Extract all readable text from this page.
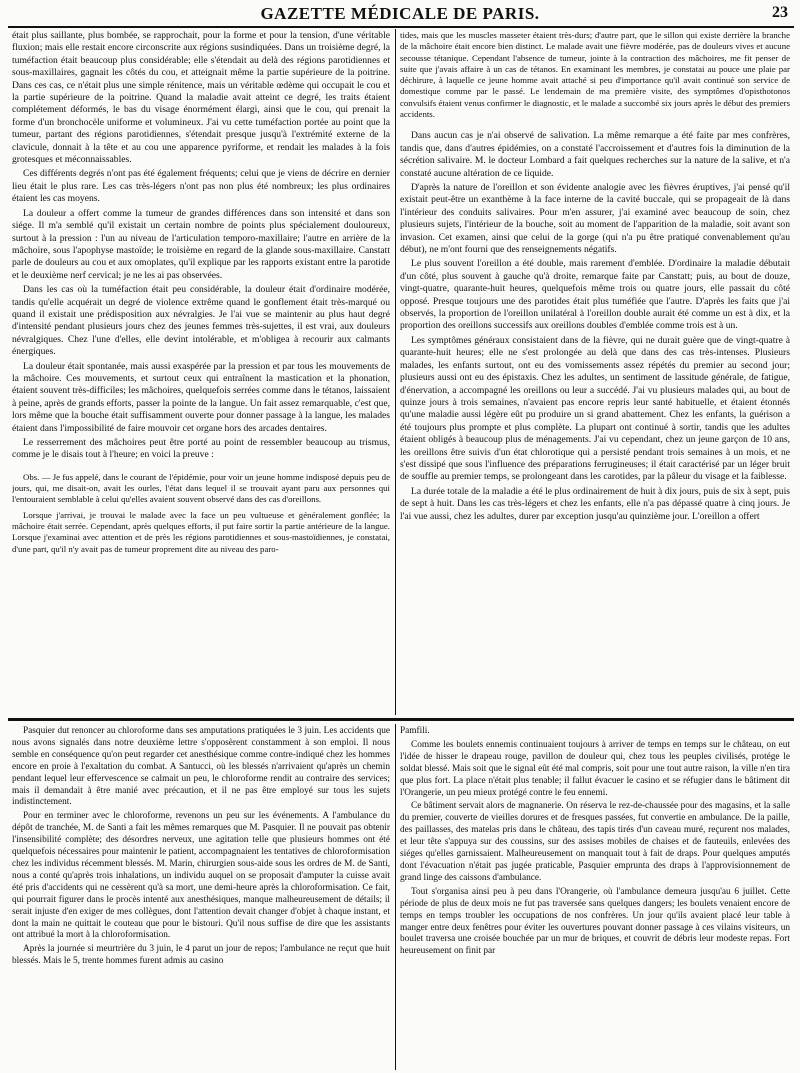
GAZETTE MÉDICALE DE PARIS.	23

était plus saillante, plus bombée, se rapprochait, pour la forme et pour la tension, d'une véritable fluxion; mais elle restait encore circonscrite aux régions susindiquées. Dans un troisième degré, la tuméfaction était beaucoup plus considérable; elle s'étendait au delà des régions parotidiennes et sous-maxillaires, gagnait les côtés du cou, et atteignait même la partie supérieure de la poitrine. Dans ces cas, ce n'était plus une simple rénitence, mais un véritable œdème qui occupait le cou et la partie supérieure de la poitrine. Quand la maladie avait atteint ce degré, les traits étaient complétement déformés, le bas du visage énormément élargi, ainsi que le cou, qui prenait la forme d'un bronchocèle uniforme et volumineux. J'ai vu cette tuméfaction portée au point que la tumeur, partant des régions parotidiennes, s'étendait presque jusqu'à l'extrémité externe de la clavicule, donnait à la tête et au cou une apparence pyriforme, et rendait les malades à la fois grotesques et méconnaissables.

Ces différents degrés n'ont pas été également fréquents; celui que je viens de décrire en dernier lieu était le plus rare. Les cas très-légers n'ont pas non plus été nombreux; les plus ordinaires étaient les cas moyens.

La douleur a offert comme la tumeur de grandes différences dans son intensité et dans son siége. Il m'a semblé qu'il existait un certain nombre de points plus spécialement douloureux, surtout à la pression : l'un au niveau de l'articulation temporo-maxillaire; l'autre en arrière de la mâchoire, sous l'apophyse mastoïde; le troisième en regard de la glande sous-maxillaire. Canstatt parle de douleurs au cou et aux omoplates, qu'il explique par les rapports existant entre la parotide et le deuxième nerf cervical; je ne les ai pas observées.

Dans les cas où la tuméfaction était peu considérable, la douleur était d'ordinaire modérée, tandis qu'elle acquérait un degré de violence extrême quand le gonflement était très-marqué ou quand il existait une prédisposition aux névralgies. Je l'ai vue se maintenir au plus haut degré d'intensité pendant plusieurs jours chez des jeunes femmes très-sujettes, il est vrai, aux douleurs névralgiques. Chez l'une d'elles, elle devint intolérable, et m'obligea à recourir aux calmants énergiques.

La douleur était spontanée, mais aussi exaspérée par la pression et par tous les mouvements de la mâchoire. Ces mouvements, et surtout ceux qui entraînent la mastication et la phonation, étaient souvent très-difficiles; les mâchoires, quelquefois serrées comme dans le tétanos, laissaient à peine, après de grands efforts, passer la pointe de la langue. Un fait assez remarquable, c'est que, lors même que la bouche était suffisamment ouverte pour donner passage à la langue, les malades étaient dans l'impossibilité de faire mouvoir cet organe hors des arcades dentaires.

Le resserrement des mâchoires peut être porté au point de ressembler beaucoup au trismus, comme je le disais tout à l'heure; en voici la preuve :

Obs. — Je fus appelé, dans le courant de l'épidémie, pour voir un jeune homme indisposé depuis peu de jours, qui, me disait-on, avait les ourles, l'état dans lequel il se trouvait ayant paru aux personnes qui l'entouraient semblable à celui qu'elles avaient souvent observé dans des cas d'oreillons.

Lorsque j'arrivai, je trouvai le malade avec la face un peu vultueuse et généralement gonflée; la mâchoire était serrée. Cependant, après quelques efforts, il put faire sortir la partie antérieure de la langue. Lorsque j'examinai avec attention et de près les régions parotidiennes et sous-mastoïdiennes, je constatai, d'une part, qu'il n'y avait pas de tumeur proprement dite au niveau des paro-

tides, mais que les muscles masseter étaient très-durs; d'autre part, que le sillon qui existe derrière la branche de la mâchoire était encore bien distinct. Le malade avait une fièvre modérée, pas de douleurs vives et aucune secousse tétanique. Cependant l'absence de tumeur, jointe à la contraction des mâchoires, me fit penser de suite que j'avais affaire à un cas de tétanos. En examinant les membres, je constatai au pouce une plaie par déchirure, à laquelle ce jeune homme avait attaché si peu d'importance qu'il avait continué son service de domestique comme par le passé. Le lendemain de ma première visite, des symptômes d'opisthotonos convulsifs étaient venus confirmer le diagnostic, et le malade a succombé six jours après le début des premiers accidents.

Dans aucun cas je n'ai observé de salivation. La même remarque a été faite par mes confrères, tandis que, dans d'autres épidémies, on a constaté l'accroissement et d'autres fois la diminution de la sécrétion salivaire. M. le docteur Lombard a fait quelques recherches sur la nature de la salive, et n'a constaté aucune altération de ce liquide.

D'après la nature de l'oreillon et son évidente analogie avec les fièvres éruptives, j'ai pensé qu'il existait peut-être un exanthème à la face interne de la cavité buccale, qui se propageait de là dans l'intérieur des conduits salivaires. Pour m'en assurer, j'ai examiné avec beaucoup de soin, chez plusieurs sujets, l'intérieur de la bouche, soit au moment de l'apparition de la maladie, soit avant son invasion. Cet examen, ainsi que celui de la gorge (qui n'a pu être pratiqué convenablement qu'au début), ne m'ont fourni que des renseignements négatifs.

Le plus souvent l'oreillon a été double, mais rarement d'emblée. D'ordinaire la maladie débutait d'un côté, plus souvent à gauche qu'à droite, remarque faite par Canstatt; puis, au bout de douze, vingt-quatre, quarante-huit heures, quelquefois même trois ou quatre jours, elle passait du côté opposé. Presque toujours une des parotides était plus tuméfiée que l'autre. D'après les faits que j'ai observés, la proportion de l'oreillon unilatéral à l'oreillon double aurait été comme un est à dix, et la proportion des oreillons successifs aux oreillons doubles d'emblée comme trois est à un.

Les symptômes généraux consistaient dans de la fièvre, qui ne durait guère que de vingt-quatre à quarante-huit heures; elle ne s'est prolongée au delà que dans des cas très-intenses. Plusieurs malades, les enfants surtout, ont eu des vomissements assez répétés du premier au second jour; plusieurs aussi ont eu des épistaxis. Chez les adultes, un sentiment de lassitude générale, de fatigue, d'énervation, a accompagné les oreillons ou leur a succédé. J'ai vu plusieurs malades qui, au bout de quinze jours à trois semaines, n'avaient pas encore repris leur santé habituelle, et étaient étonnés qu'une maladie aussi légère eût pu produire un si grand abattement. Chez les enfants, la guérison a été toujours plus prompte et plus complète. La plupart ont continué à sortir, tandis que les adultes étaient obligés à beaucoup plus de ménagements. J'ai vu cependant, chez un jeune garçon de 10 ans, les oreillons être suivis d'un état chlorotique qui a persisté pendant trois semaines à un mois, et ne s'est dissipé que sous l'influence des préparations ferrugineuses; il était caractérisé par un léger bruit de souffle au premier temps, se prolongeant dans les carotides, par la pâleur du visage et la faiblesse.

La durée totale de la maladie a été le plus ordinairement de huit à dix jours, puis de six à sept, puis de sept à huit. Dans les cas très-légers et chez les enfants, elle n'a pas dépassé quatre à cinq jours. Je l'ai vue aussi, chez les adultes, durer par exception jusqu'au quinzième jour. L'oreillon a offert

Pasquier dut renoncer au chloroforme dans ses amputations pratiquées le 3 juin. Les accidents que nous avons signalés dans notre deuxième lettre s'opposèrent constamment à son emploi. Il nous semble en conséquence qu'on peut regarder cet anesthésique comme contre-indiqué chez les hommes encore en proie à l'exaltation du combat. A Santucci, où les blessés n'arrivaient qu'après un chemin pendant lequel leur effervescence se calmait un peu, le chloroforme rendit au contraire des services; mais il demandait à être manié avec précaution, et il ne pas être employé sur tous les sujets indistinctement.

Pour en terminer avec le chloroforme, revenons un peu sur les événements. A l'ambulance du dépôt de tranchée, M. de Santi a fait les mêmes remarques que M. Pasquier. Il ne pouvait pas obtenir l'insensibilité complète; des désordres nerveux, une agitation telle que plusieurs hommes ont été quelquefois nécessaires pour maintenir le patient, accompagnaient les tentatives de chloroformisation chez les individus récemment blessés. M. Marin, chirurgien sous-aide sous les ordres de M. de Santi, nous a conté qu'après trois inhalations, un individu auquel on se proposait d'amputer la cuisse avait été pris d'accidents qui ne cessèrent qu'à sa mort, une demi-heure après la chloroformisation. Ce fait, qui pourrait figurer dans le procès intenté aux anesthésiques, manque malheureusement de détails; il serait injuste d'en exiger de mes collègues, dont l'attention devait changer d'objet à chaque instant, et dont la main ne quittait le couteau que pour le bistouri. Qu'il nous suffise de dire que les assistants ont attribué la mort à la chloroformisation.

Après la journée si meurtrière du 3 juin, le 4 parut un jour de repos; l'ambulance ne reçut que huit blessés. Mais le 5, trente hommes furent admis au casino

Pamfili.

Comme les boulets ennemis continuaient toujours à arriver de temps en temps sur le château, on eut l'idée de hisser le drapeau rouge, pavillon de douleur qui, chez tous les peuples civilisés, protége le soldat blessé. Mais soit que le signal eût été mal compris, soit pour une tout autre raison, la ville n'en tira que plus fort. La place n'était plus tenable; il fallut évacuer le casino et se réfugier dans le bâtiment dit l'Orangerie, un peu mieux protégé contre le feu ennemi.

Ce bâtiment servait alors de magnanerie. On réserva le rez-de-chaussée pour des magasins, et la salle du premier, couverte de vieilles dorures et de fresques passées, fut convertie en ambulance. De la paille, des paillasses, des matelas pris dans le château, des tapis tirés d'un caveau muré, reçurent nos malades, et leur tête s'appuya sur des coussins, sur des assises mobiles de chaises et de fauteuils, enlevées des siéges qu'elles garnissaient. Malheureusement on manquait tout à fait de draps. Pour quelques amputés dont l'évacuation n'était pas jugée praticable, Pasquier emprunta des draps à l'approvisionnement de grand linge des caissons d'ambulance.

Tout s'organisa ainsi peu à peu dans l'Orangerie, où l'ambulance demeura jusqu'au 6 juillet. Cette période de plus de deux mois ne fut pas traversée sans quelques dangers; les boulets venaient encore de temps en temps troubler les occupations de nos confrères. Un jour qu'ils avaient placé leur table à manger entre deux fenêtres pour éviter les ouvertures pouvant donner passage à ces vilains visiteurs, un boulet traversa une croisée bouchée par un mur de briques, et couvrit de débris leur modeste repas. Fort heureusement on finit par
